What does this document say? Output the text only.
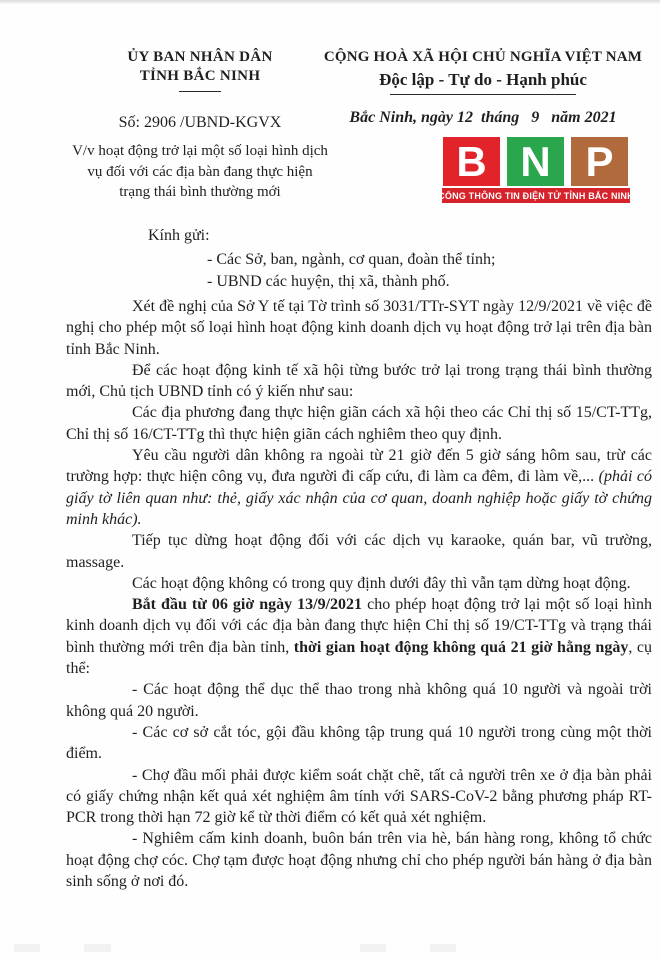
ỦY BAN NHÂN DÂN
TỈNH BẮC NINH
Số: 2906 /UBND-KGVX
V/v hoạt động trở lại một số loại hình dịch vụ đối với các địa bàn đang thực hiện trạng thái bình thường mới
CỘNG HOÀ XÃ HỘI CHỦ NGHĨA VIỆT NAM
Độc lập - Tự do - Hạnh phúc
Bắc Ninh, ngày 12  tháng   9   năm 2021
B N P
CỔNG THÔNG TIN ĐIỆN TỬ TỈNH BẮC NINH
Kính gửi:
- Các Sở, ban, ngành, cơ quan, đoàn thể tỉnh;
- UBND các huyện, thị xã, thành phố.

Xét đề nghị của Sở Y tế tại Tờ trình số 3031/TTr-SYT ngày 12/9/2021 về việc đề nghị cho phép một số loại hình hoạt động kinh doanh dịch vụ hoạt động trở lại trên địa bàn tỉnh Bắc Ninh.

Để các hoạt động kinh tế xã hội từng bước trở lại trong trạng thái bình thường mới, Chủ tịch UBND tỉnh có ý kiến như sau:

Các địa phương đang thực hiện giãn cách xã hội theo các Chỉ thị số 15/CT-TTg, Chỉ thị số 16/CT-TTg thì thực hiện giãn cách nghiêm theo quy định.

Yêu cầu người dân không ra ngoài từ 21 giờ đến 5 giờ sáng hôm sau, trừ các trường hợp: thực hiện công vụ, đưa người đi cấp cứu, đi làm ca đêm, đi làm về,... (phải có giấy tờ liên quan như: thẻ, giấy xác nhận của cơ quan, doanh nghiệp hoặc giấy tờ chứng minh khác).

Tiếp tục dừng hoạt động đối với các dịch vụ karaoke, quán bar, vũ trường, massage.

Các hoạt động không có trong quy định dưới đây thì vẫn tạm dừng hoạt động.

Bắt đầu từ 06 giờ ngày 13/9/2021 cho phép hoạt động trở lại một số loại hình kinh doanh dịch vụ đối với các địa bàn đang thực hiện Chỉ thị số 19/CT-TTg và trạng thái bình thường mới trên địa bàn tỉnh, thời gian hoạt động không quá 21 giờ hằng ngày, cụ thể:

- Các hoạt động thể dục thể thao trong nhà không quá 10 người và ngoài trời không quá 20 người.

- Các cơ sở cắt tóc, gội đầu không tập trung quá 10 người trong cùng một thời điểm.

- Chợ đầu mối phải được kiểm soát chặt chẽ, tất cả người trên xe ở địa bàn phải có giấy chứng nhận kết quả xét nghiệm âm tính với SARS-CoV-2 bằng phương pháp RT-PCR trong thời hạn 72 giờ kể từ thời điểm có kết quả xét nghiệm.

- Nghiêm cấm kinh doanh, buôn bán trên via hè, bán hàng rong, không tổ chức hoạt động chợ cóc. Chợ tạm được hoạt động nhưng chỉ cho phép người bán hàng ở địa bàn sinh sống ở nơi đó.
